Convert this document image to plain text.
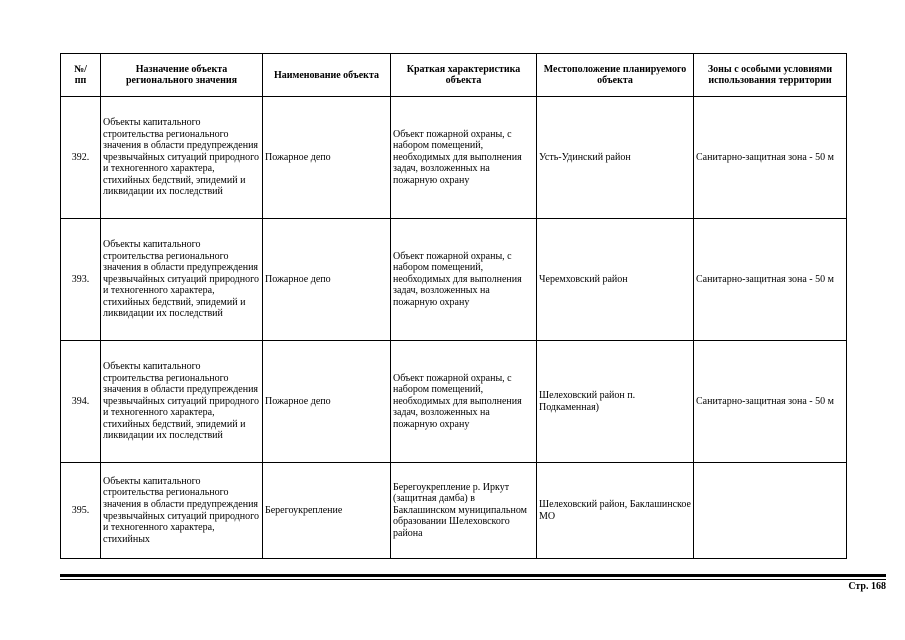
№/
пп	Назначение объекта регионального значения	Наименование объекта	Краткая характеристика объекта	Местоположение планируемого объекта	Зоны с особыми условиями использования территории
392.	Объекты капитального строительства регионального значения в области предупреждения чрезвычайных ситуаций природного и техногенного характера, стихийных бедствий, эпидемий и ликвидации их последствий	Пожарное депо	Объект пожарной охраны, с набором помещений, необходимых для выполнения задач, возложенных на пожарную охрану	Усть-Удинский район	Санитарно-защитная зона - 50 м
393.	Объекты капитального строительства регионального значения в области предупреждения чрезвычайных ситуаций природного и техногенного характера, стихийных бедствий, эпидемий и ликвидации их последствий	Пожарное депо	Объект пожарной охраны, с набором помещений, необходимых для выполнения задач, возложенных на пожарную охрану	Черемховский район	Санитарно-защитная зона - 50 м
394.	Объекты капитального строительства регионального значения в области предупреждения чрезвычайных ситуаций природного и техногенного характера, стихийных бедствий, эпидемий и ликвидации их последствий	Пожарное депо	Объект пожарной охраны, с набором помещений, необходимых для выполнения задач, возложенных на пожарную охрану	Шелеховский район п. Подкаменная)	Санитарно-защитная зона - 50 м
395.	Объекты капитального строительства регионального значения в области предупреждения чрезвычайных ситуаций природного и техногенного характера, стихийных	Берегоукрепление	Берегоукрепление р. Иркут (защитная дамба) в Баклашинском муниципальном образовании Шелеховского района	Шелеховский район, Баклашинское МО	
Стр. 168
